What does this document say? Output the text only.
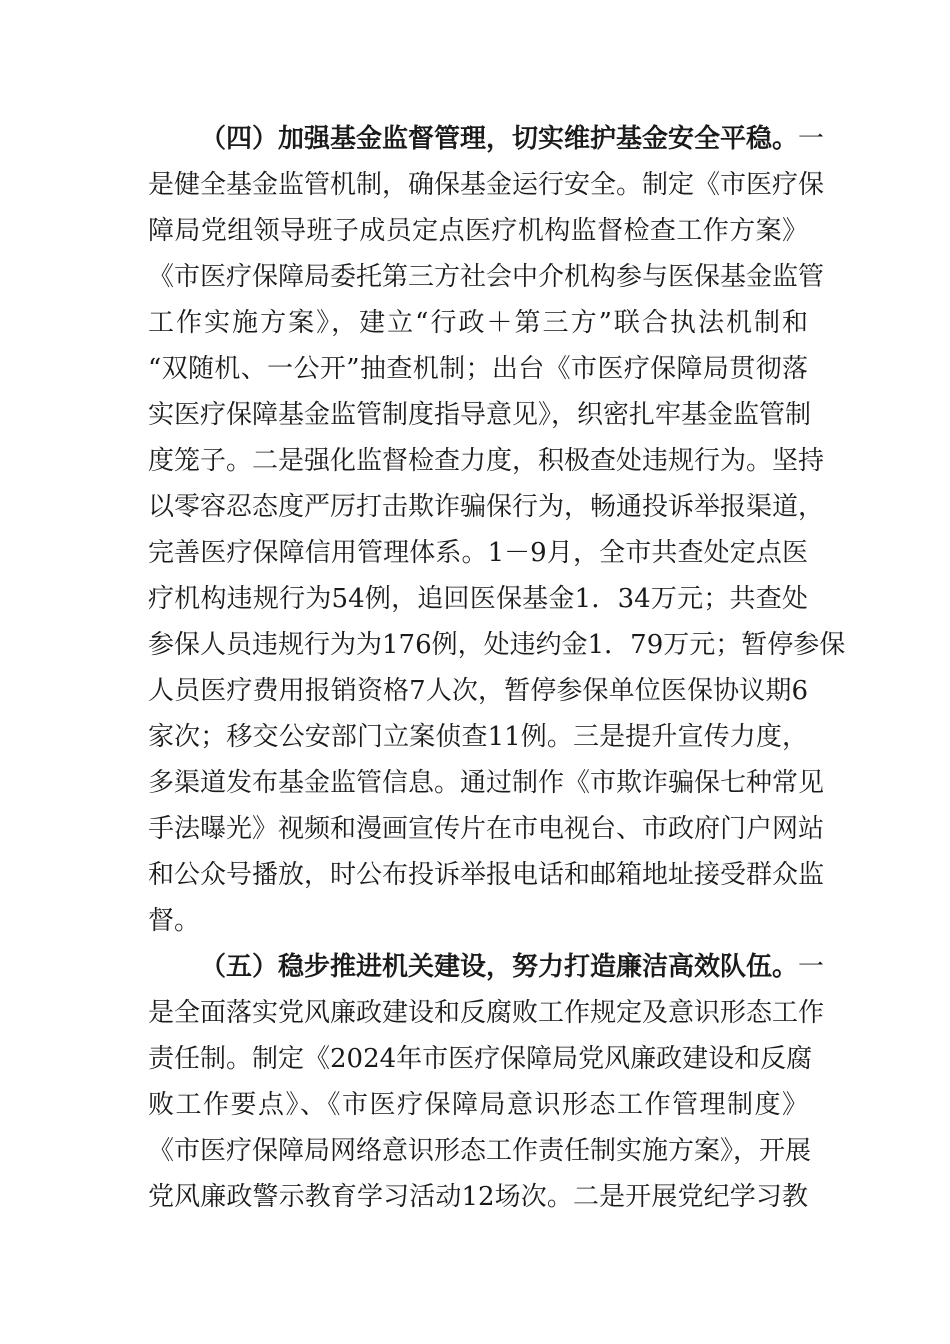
（四）加强基金监督管理，切实维护基金安全平稳。一
是健全基金监管机制，确保基金运行安全。制定《市医疗保
障局党组领导班子成员定点医疗机构监督检查工作方案》
《市医疗保障局委托第三方社会中介机构参与医保基金监管
工作实施方案》，建立“行政＋第三方”联合执法机制和
“双随机、一公开”抽查机制；出台《市医疗保障局贯彻落
实医疗保障基金监管制度指导意见》，织密扎牢基金监管制
度笼子。二是强化监督检查力度，积极查处违规行为。坚持
以零容忍态度严厉打击欺诈骗保行为，畅通投诉举报渠道，
完善医疗保障信用管理体系。1－9月，全市共查处定点医
疗机构违规行为54例，追回医保基金1．34万元；共查处
参保人员违规行为为176例，处违约金1．79万元；暂停参保
人员医疗费用报销资格7人次，暂停参保单位医保协议期6
家次；移交公安部门立案侦查11例。三是提升宣传力度，
多渠道发布基金监管信息。通过制作《市欺诈骗保七种常见
手法曝光》视频和漫画宣传片在市电视台、市政府门户网站
和公众号播放，时公布投诉举报电话和邮箱地址接受群众监
督。
（五）稳步推进机关建设，努力打造廉洁高效队伍。一
是全面落实党风廉政建设和反腐败工作规定及意识形态工作
责任制。制定《2024年市医疗保障局党风廉政建设和反腐
败工作要点》、《市医疗保障局意识形态工作管理制度》
《市医疗保障局网络意识形态工作责任制实施方案》，开展
党风廉政警示教育学习活动12场次。二是开展党纪学习教
